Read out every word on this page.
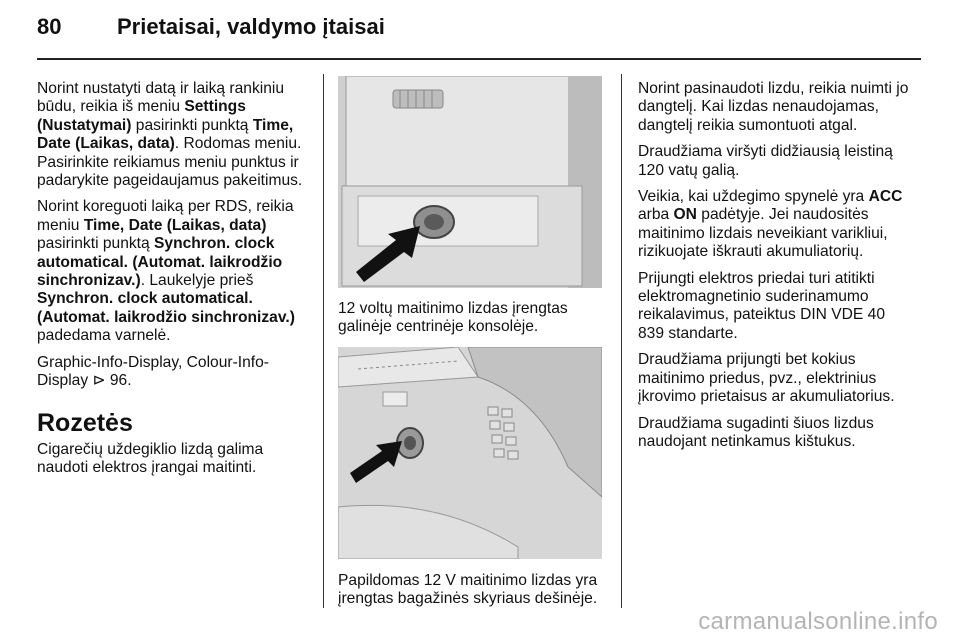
80	Prietaisai, valdymo įtaisai

Norint nustatyti datą ir laiką rankiniu būdu, reikia iš meniu Settings (Nustatymai) pasirinkti punktą Time, Date (Laikas, data). Rodomas meniu. Pasirinkite reikiamus meniu punktus ir padarykite pageidaujamus pakeitimus.

Norint koreguoti laiką per RDS, reikia meniu Time, Date (Laikas, data) pasirinkti punktą Synchron. clock automatical. (Automat. laikrodžio sinchronizav.). Laukelyje prieš Synchron. clock automatical. (Automat. laikrodžio sinchronizav.) padedama varnelė.

Graphic-Info-Display, Colour-Info-Display ⊳ 96.

Rozetės

Cigarečių uždegiklio lizdą galima naudoti elektros įrangai maitinti.

12 voltų maitinimo lizdas įrengtas galinėje centrinėje konsolėje.
Papildomas 12 V maitinimo lizdas yra įrengtas bagažinės skyriaus dešinėje.

Norint pasinaudoti lizdu, reikia nuimti jo dangtelį. Kai lizdas nenaudojamas, dangtelį reikia sumontuoti atgal.

Draudžiama viršyti didžiausią leistiną 120 vatų galią.

Veikia, kai uždegimo spynelė yra ACC arba ON padėtyje. Jei naudositės maitinimo lizdais neveikiant varikliui, rizikuojate iškrauti akumuliatorių.

Prijungti elektros priedai turi atitikti elektromagnetinio suderinamumo reikalavimus, pateiktus DIN VDE 40 839 standarte.

Draudžiama prijungti bet kokius maitinimo priedus, pvz., elektrinius įkrovimo prietaisus ar akumuliatorius.

Draudžiama sugadinti šiuos lizdus naudojant netinkamus kištukus.

carmanualsonline.info
